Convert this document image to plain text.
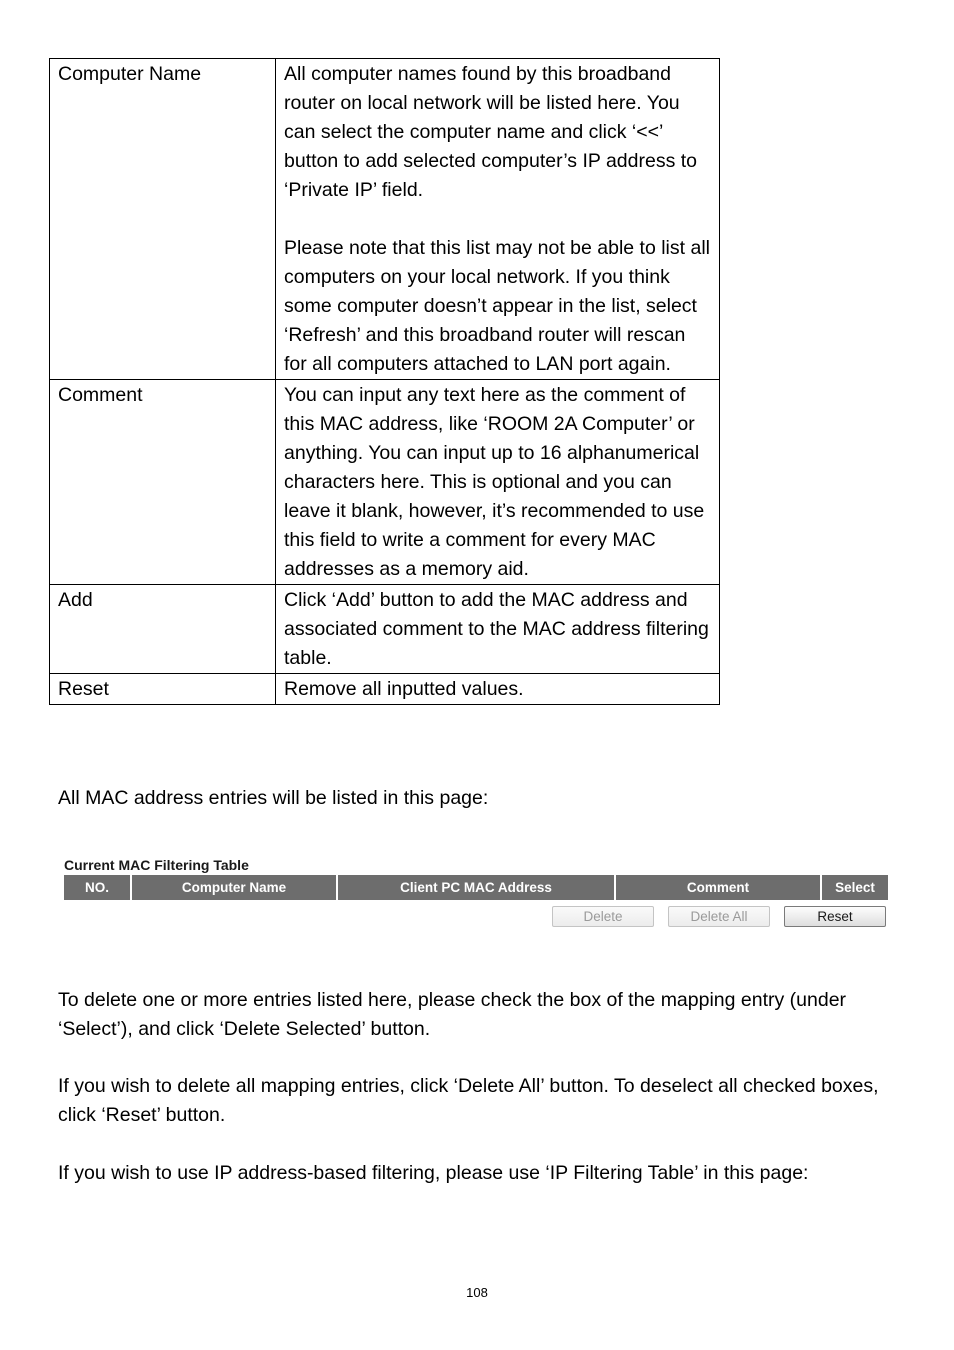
Computer Name	All computer names found by this broadband router on local network will be listed here. You can select the computer name and click ‘<<’ button to add selected computer’s IP address to ‘Private IP’ field.

Please note that this list may not be able to list all computers on your local network. If you think some computer doesn’t appear in the list, select ‘Refresh’ and this broadband router will rescan for all computers attached to LAN port again.

Comment	You can input any text here as the comment of this MAC address, like ‘ROOM 2A Computer’ or anything. You can input up to 16 alphanumerical characters here. This is optional and you can leave it blank, however, it’s recommended to use this field to write a comment for every MAC addresses as a memory aid.

Add	Click ‘Add’ button to add the MAC address and associated comment to the MAC address filtering table.

Reset	Remove all inputted values.

All MAC address entries will be listed in this page:

Current MAC Filtering Table
NO.	Computer Name	Client PC MAC Address	Comment	Select
Delete	Delete All	Reset

To delete one or more entries listed here, please check the box of the mapping entry (under ‘Select’), and click ‘Delete Selected’ button.

If you wish to delete all mapping entries, click ‘Delete All’ button. To deselect all checked boxes, click ‘Reset’ button.

If you wish to use IP address-based filtering, please use ‘IP Filtering Table’ in this page:

108
